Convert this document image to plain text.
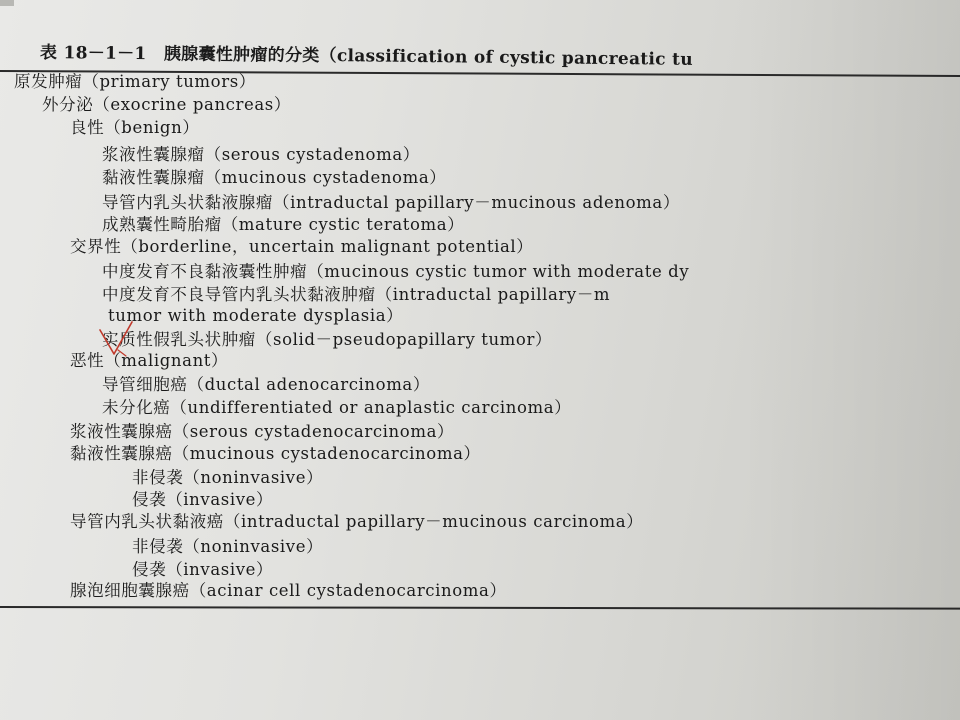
表 18－1－1　胰腺囊性肿瘤的分类（classification of cystic pancreatic tu
原发肿瘤（primary tumors）
外分泌（exocrine pancreas）
良性（benign）
浆液性囊腺瘤（serous cystadenoma）
黏液性囊腺瘤（mucinous cystadenoma）
导管内乳头状黏液腺瘤（intraductal papillary－mucinous adenoma）
成熟囊性畸胎瘤（mature cystic teratoma）
交界性（borderline，uncertain malignant potential）
中度发育不良黏液囊性肿瘤（mucinous cystic tumor with moderate dy
中度发育不良导管内乳头状黏液肿瘤（intraductal papillary－m
tumor with moderate dysplasia）
实质性假乳头状肿瘤（solid－pseudopapillary tumor）
恶性（malignant）
导管细胞癌（ductal adenocarcinoma）
未分化癌（undifferentiated or anaplastic carcinoma）
浆液性囊腺癌（serous cystadenocarcinoma）
黏液性囊腺癌（mucinous cystadenocarcinoma）
非侵袭（noninvasive）
侵袭（invasive）
导管内乳头状黏液癌（intraductal papillary－mucinous carcinoma）
非侵袭（noninvasive）
侵袭（invasive）
腺泡细胞囊腺癌（acinar cell cystadenocarcinoma）
